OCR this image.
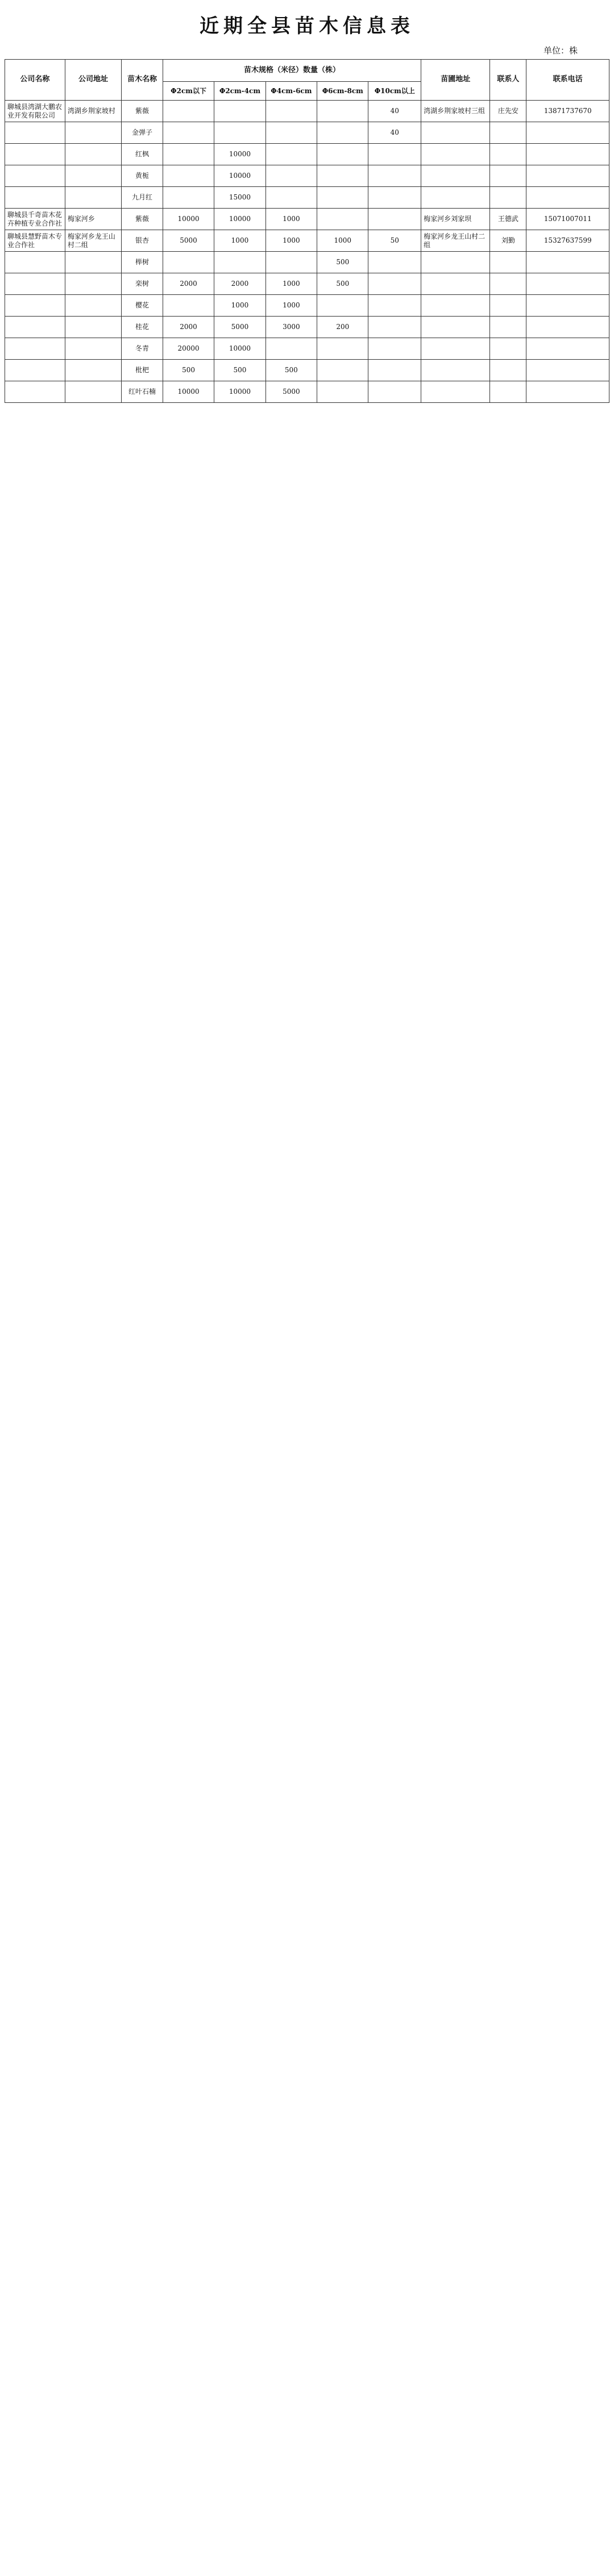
近期全县苗木信息表
单位：株
公司名称	公司地址	苗木名称	苗木规格（米径）数量（株）					苗圃地址	联系人	联系电话
			Φ2cm以下	Φ2cm-4cm	Φ4cm-6cm	Φ6cm-8cm	Φ10cm以上			
聊城县湾湖大鹏农业开发有限公司	湾湖乡荆家坡村	紫薇					40	湾湖乡荆家坡村三组	庄先安	13871737670
		金弹子					40			
		红枫		10000						
		黄栀		10000						
		九月红		15000						
聊城县千奇苗木花卉种植专业合作社	梅家河乡	紫薇	10000	10000	1000			梅家河乡刘家坝	王德武	15071007011
聊城县慧野苗木专业合作社	梅家河乡龙王山村二组	银杏	5000	1000	1000	1000	50	梅家河乡龙王山村二组	刘勤	15327637599
		榉树				500				
		栾树	2000	2000	1000	500				
		樱花		1000	1000					
		桂花	2000	5000	3000	200				
		冬青	20000	10000						
		枇杷	500	500	500					
		红叶石楠	10000	10000	5000					
